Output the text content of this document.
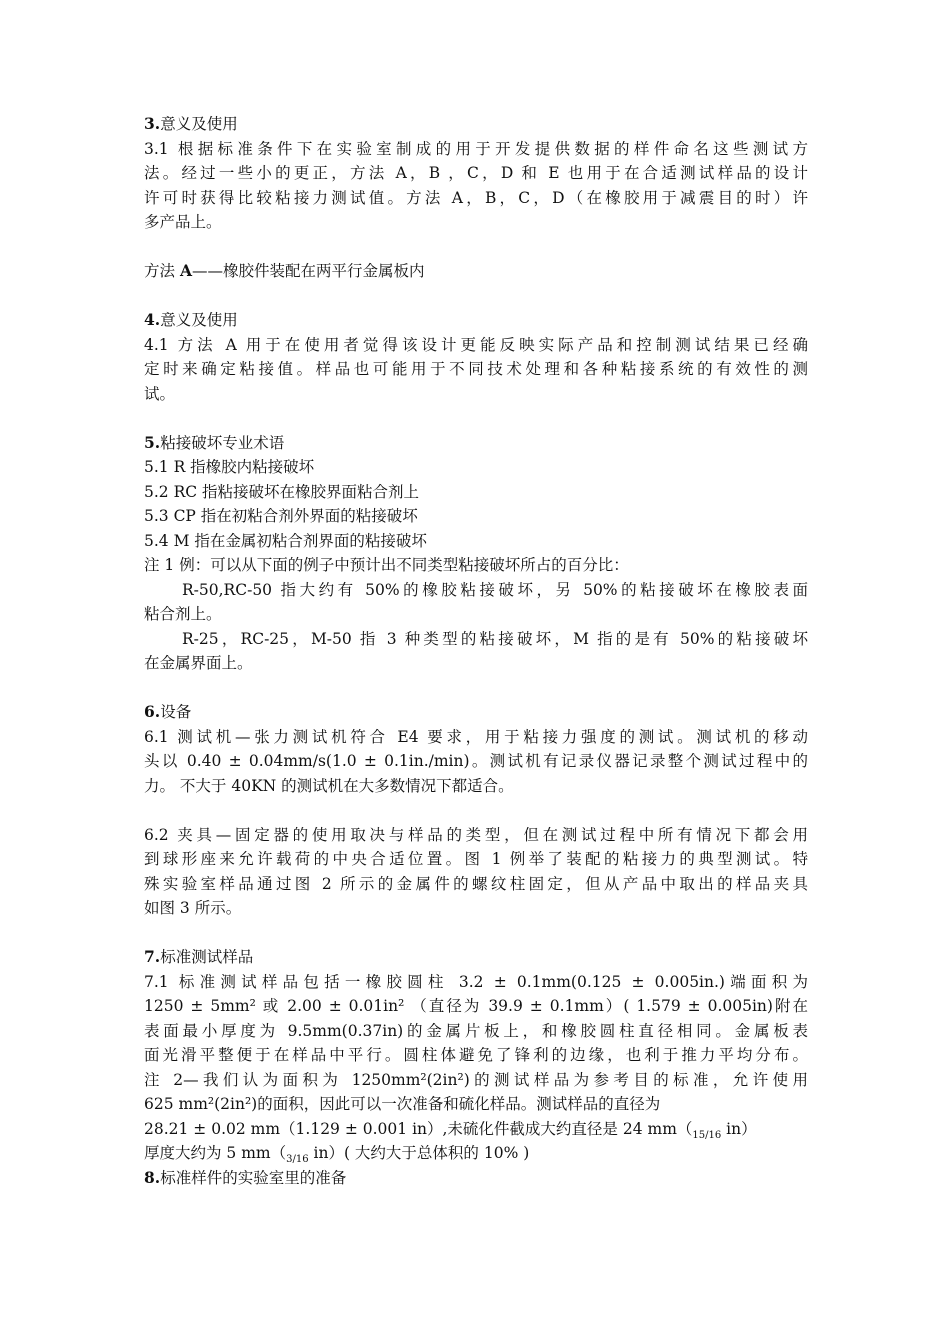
3.意义及使用

3.1 根据标准条件下在实验室制成的用于开发提供数据的样件命名这些测试方

法。经过一些小的更正，方法 A，B ，C，D 和 E 也用于在合适测试样品的设计

许可时获得比较粘接力测试值。方法 A，B，C，D（在橡胶用于减震目的时）许

多产品上。

方法 A——橡胶件装配在两平行金属板内

4.意义及使用

4.1 方法 A 用于在使用者觉得该设计更能反映实际产品和控制测试结果已经确

定时来确定粘接值。样品也可能用于不同技术处理和各种粘接系统的有效性的测

试。

5.粘接破坏专业术语

5.1 R 指橡胶内粘接破坏

5.2 RC 指粘接破坏在橡胶界面粘合剂上

5.3 CP 指在初粘合剂外界面的粘接破坏

5.4 M 指在金属初粘合剂界面的粘接破坏

注 1 例：可以从下面的例子中预计出不同类型粘接破坏所占的百分比：

R-50,RC-50 指大约有 50%的橡胶粘接破坏，另 50%的粘接破坏在橡胶表面

粘合剂上。

R-25，RC-25，M-50 指 3 种类型的粘接破坏，M 指的是有 50%的粘接破坏

在金属界面上。

6.设备

6.1 测试机—张力测试机符合 E4 要求，用于粘接力强度的测试。测试机的移动

头以 0.40 ± 0.04mm/s(1.0 ± 0.1in./min)。测试机有记录仪器记录整个测试过程中的

力。 不大于 40KN 的测试机在大多数情况下都适合。

6.2 夹具—固定器的使用取决与样品的类型，但在测试过程中所有情况下都会用

到球形座来允许载荷的中央合适位置。图 1 例举了装配的粘接力的典型测试。特

殊实验室样品通过图 2 所示的金属件的螺纹柱固定，但从产品中取出的样品夹具

如图 3 所示。

7.标准测试样品

7.1 标准测试样品包括一橡胶圆柱 3.2 ± 0.1mm(0.125 ± 0.005in.)端面积为

1250 ± 5mm² 或 2.00 ± 0.01in² （直径为 39.9 ± 0.1mm）( 1.579 ± 0.005in)附在

表面最小厚度为 9.5mm(0.37in)的金属片板上，和橡胶圆柱直径相同。金属板表

面光滑平整便于在样品中平行。圆柱体避免了锋利的边缘，也利于推力平均分布。

注 2—我们认为面积为 1250mm²(2in²)的测试样品为参考目的标准，允许使用

625 mm²(2in²)的面积，因此可以一次准备和硫化样品。测试样品的直径为

28.21 ± 0.02 mm（1.129 ± 0.001 in）,未硫化件截成大约直径是 24 $mm(_{15/16}$ in）

厚度大约为 5 $mm(_{3/16}$ in）( 大约大于总体积的 10% )

8.标准样件的实验室里的准备
